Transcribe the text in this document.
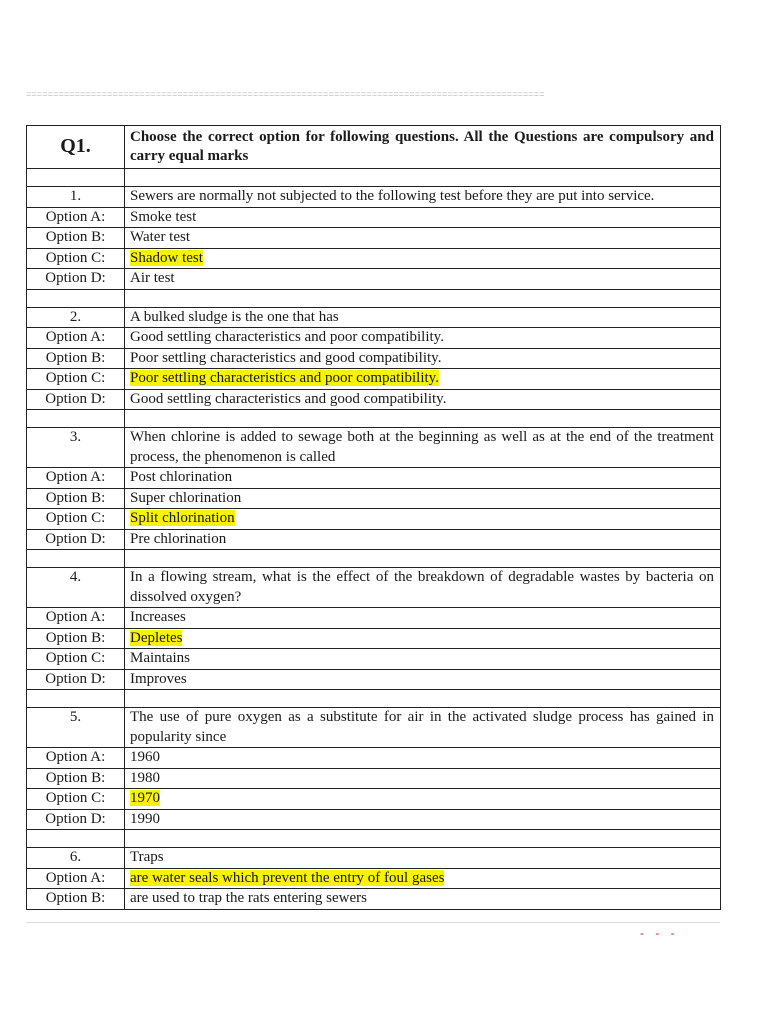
================================================================================================
Q1.	Choose the correct option for following questions. All the Questions are compulsory and carry equal marks

1.	Sewers are normally not subjected to the following test before they are put into service.
Option A:	Smoke test
Option B:	Water test
Option C:	Shadow test
Option D:	Air test

2.	A bulked sludge is the one that has
Option A:	Good settling characteristics and poor compatibility.
Option B:	Poor settling characteristics and good compatibility.
Option C:	Poor settling characteristics and poor compatibility.
Option D:	Good settling characteristics and good compatibility.

3.	When chlorine is added to sewage both at the beginning as well as at the end of the treatment process, the phenomenon is called
Option A:	Post chlorination
Option B:	Super chlorination
Option C:	Split chlorination
Option D:	Pre chlorination

4.	In a flowing stream, what is the effect of the breakdown of degradable wastes by bacteria on dissolved oxygen?
Option A:	Increases
Option B:	Depletes
Option C:	Maintains
Option D:	Improves

5.	The use of pure oxygen as a substitute for air in the activated sludge process has gained in popularity since
Option A:	1960
Option B:	1980
Option C:	1970
Option D:	1990

6.	Traps
Option A:	are water seals which prevent the entry of foul gases
Option B:	are used to trap the rats entering sewers
- - -
